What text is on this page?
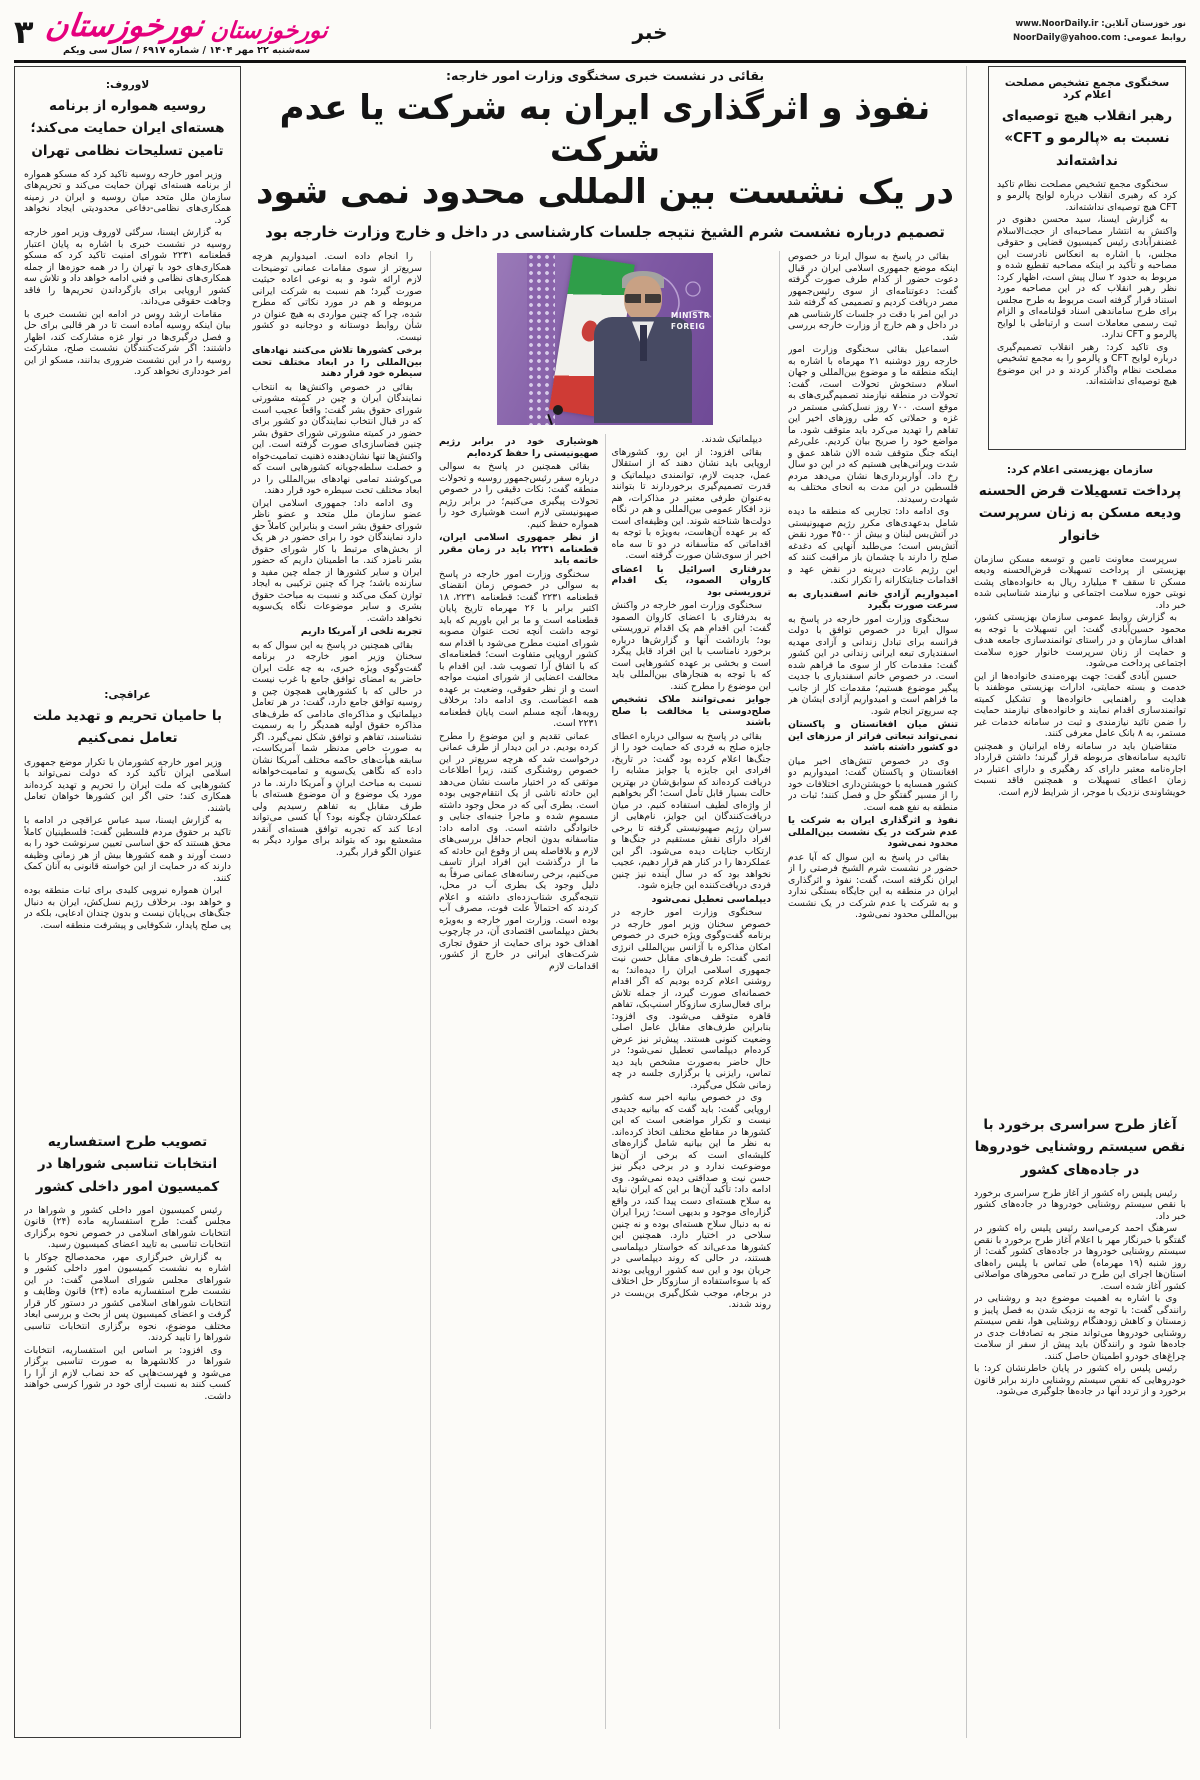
نور خوزستان آنلاین: www.NoorDaily.ir
روابط عمومی: NoorDaily@yahoo.com
خبر
نورخوزستان
نورخوزستان
سه‌شنبه ۲۲ مهر ۱۴۰۴ / شماره ۶۹۱۷ / سال سی ویکم
۳
لاوروف:
روسیه همواره از برنامه هسته‌ای ایران حمایت می‌کند؛ تامین تسلیحات نظامی تهران

وزیر امور خارجه روسیه تاکید کرد که مسکو همواره از برنامه هسته‌ای تهران حمایت می‌کند و تحریم‌های سازمان ملل متحد میان روسیه و ایران در زمینه همکاری‌های نظامی-دفاعی محدودیتی ایجاد نخواهد کرد.

به گزارش ایسنا، سرگئی لاوروف وزیر امور خارجه روسیه در نشست خبری با اشاره به پایان اعتبار قطعنامه ۲۲۳۱ شورای امنیت تاکید کرد که مسکو همکاری‌های خود با تهران را در همه حوزه‌ها از جمله همکاری‌های نظامی و فنی ادامه خواهد داد و تلاش سه کشور اروپایی برای بازگرداندن تحریم‌ها را فاقد وجاهت حقوقی می‌داند.

مقامات ارشد روس در ادامه این نشست خبری با بیان اینکه روسیه آماده است تا در هر قالبی برای حل و فصل درگیری‌ها در نوار غزه مشارکت کند، اظهار داشتند: اگر شرکت‌کنندگان نشست صلح، مشارکت روسیه را در این نشست ضروری بدانند، مسکو از این امر خودداری نخواهد کرد.

عراقچی:
با حامیان تحریم و تهدید ملت تعامل نمی‌کنیم

وزیر امور خارجه کشورمان با تکرار موضع جمهوری اسلامی ایران تأکید کرد که دولت نمی‌تواند با کشورهایی که ملت ایران را تحریم و تهدید کرده‌اند همکاری کند؛ حتی اگر این کشورها خواهان تعامل باشند.

به گزارش ایسنا، سید عباس عراقچی در ادامه با تاکید بر حقوق مردم فلسطین گفت: فلسطینیان کاملاً محق هستند که حق اساسی تعیین سرنوشت خود را به دست آورند و همه کشورها بیش از هر زمانی وظیفه دارند که در حمایت از این خواسته قانونی به آنان کمک کنند.

ایران همواره نیرویی کلیدی برای ثبات منطقه بوده و خواهد بود. برخلاف رژیم نسل‌کش، ایران به دنبال جنگ‌های بی‌پایان نیست و بدون چندان ادعایی، بلکه در پی صلح پایدار، شکوفایی و پیشرفت منطقه است.

تصویب طرح استفساریه انتخابات تناسبی شوراها در کمیسیون امور داخلی کشور

رئیس کمیسیون امور داخلی کشور و شوراها در مجلس گفت: طرح استفساریه ماده (۲۴) قانون انتخابات شوراهای اسلامی در خصوص نحوه برگزاری انتخابات تناسبی به تایید اعضای کمیسیون رسید.

به گزارش خبرگزاری مهر، محمدصالح جوکار با اشاره به نشست کمیسیون امور داخلی کشور و شوراهای مجلس شورای اسلامی گفت: در این نشست طرح استفساریه ماده (۲۴) قانون وظایف و انتخابات شوراهای اسلامی کشور در دستور کار قرار گرفت و اعضای کمیسیون پس از بحث و بررسی ابعاد مختلف موضوع، نحوه برگزاری انتخابات تناسبی شوراها را تایید کردند.

وی افزود: بر اساس این استفساریه، انتخابات شوراها در کلانشهرها به صورت تناسبی برگزار می‌شود و فهرست‌هایی که حد نصاب لازم از آرا را کسب کنند به نسبت آرای خود در شورا کرسی خواهند داشت.

بقائی در نشست خبری سخنگوی وزارت امور خارجه:
نفوذ و اثرگذاری ایران به شرکت یا عدم شرکت
در یک نشست بین المللی محدود نمی شود
تصمیم درباره نشست شرم الشیخ نتیجه جلسات کارشناسی در داخل و خارج وزارت خارجه بود

بقائی در پاسخ به سوال ایرنا در خصوص اینکه موضع جمهوری اسلامی ایران در قبال دعوت حضور از کدام طرف صورت گرفته گفت: دعوتنامه‌ای از سوی رئیس‌جمهور مصر دریافت کردیم و تصمیمی که گرفته شد در این امر با دقت در جلسات کارشناسی هم در داخل و هم خارج از وزارت خارجه بررسی شد.

اسماعیل بقائی سخنگوی وزارت امور خارجه روز دوشنبه ۲۱ مهرماه با اشاره به اینکه منطقه ما و موضوع بین‌المللی و جهان اسلام دستخوش تحولات است، گفت: تحولات در منطقه نیازمند تصمیم‌گیری‌های به موقع است. ۷۰۰ روز نسل‌کشی مستمر در غزه و حملاتی که طی روزهای اخیر این تفاهم را تهدید می‌کرد باید متوقف شود. ما مواضع خود را صریح بیان کردیم. علی‌رغم اینکه جنگ متوقف شده الان شاهد عمق و شدت ویرانی‌هایی هستیم که در این دو سال رخ داد. آواربرداری‌ها نشان می‌دهد مردم فلسطین در این مدت به انحای مختلف به شهادت رسیدند.

وی ادامه داد: تجاربی که منطقه ما دیده شامل بدعهدی‌های مکرر رژیم صهیونیستی در آتش‌بس لبنان و بیش از ۴۵۰۰ مورد نقض آتش‌بس است؛ می‌طلبد آنهایی که دغدغه صلح را دارند با چشمان باز مراقبت کنند که این رژیم عادت دیرینه در نقض عهد و اقدامات جنایتکارانه را تکرار نکند.

امیدواریم آزادی خانم اسفندیاری به سرعت صورت بگیرد

سخنگوی وزارت امور خارجه در پاسخ به سوال ایرنا در خصوص توافق با دولت فرانسه برای تبادل زندانی و آزادی مهدیه اسفندیاری تبعه ایرانی زندانی در این کشور گفت: مقدمات کار از سوی ما فراهم شده است. در خصوص خانم اسفندیاری با جدیت پیگیر موضوع هستیم؛ مقدمات کار از جانب ما فراهم است و امیدواریم آزادی ایشان هر چه سریع‌تر انجام شود.

تنش میان افغانستان و پاکستان نمی‌تواند تبعاتی فراتر از مرزهای این دو کشور داشته باشد

وی در خصوص تنش‌های اخیر میان افغانستان و پاکستان گفت: امیدواریم دو کشور همسایه با خویشتن‌داری اختلافات خود را از مسیر گفتگو حل و فصل کنند؛ ثبات در منطقه به نفع همه است.

نفوذ و اثرگذاری ایران به شرکت یا عدم شرکت در یک نشست بین‌المللی محدود نمی‌شود

بقائی در پاسخ به این سوال که آیا عدم حضور در نشست شرم الشیخ فرصتی را از ایران نگرفته است، گفت: نفوذ و اثرگذاری ایران در منطقه به این جایگاه بستگی ندارد و به شرکت یا عدم شرکت در یک نشست بین‌المللی محدود نمی‌شود.

MINISTR
FOREIG

دیپلماتیک شدند.

بقائی افزود: از این رو، کشورهای اروپایی باید نشان دهند که از استقلال عمل، جدیت لازم، توانمندی دیپلماتیک و قدرت تصمیم‌گیری برخوردارند تا بتوانند به‌عنوان طرفی معتبر در مذاکرات، هم نزد افکار عمومی بین‌المللی و هم در نگاه دولت‌ها شناخته شوند. این وظیفه‌ای است که بر عهده آن‌هاست، به‌ویژه با توجه به اقداماتی که متأسفانه در دو تا سه ماه اخیر از سوی‌شان صورت گرفته است.

بدرفتاری اسرائیل با اعضای کاروان الصمود، یک اقدام تروریستی بود

سخنگوی وزارت امور خارجه در واکنش به بدرفتاری با اعضای کاروان الصمود گفت: این اقدام هم یک اقدام تروریستی بود؛ بازداشت آنها و گزارش‌ها درباره برخورد نامناسب با این افراد قابل پیگرد است و بخشی بر عهده کشورهایی است که با توجه به هنجارهای بین‌المللی باید این موضوع را مطرح کنند.

جوایز نمی‌توانند ملاک تشخیص صلح‌دوستی یا مخالفت با صلح باشند

بقائی در پاسخ به سوالی درباره اعطای جایزه صلح به فردی که حمایت خود را از جنگ‌ها اعلام کرده بود گفت: در تاریخ، افرادی این جایزه یا جوایز مشابه را دریافت کرده‌اند که سوابق‌شان در بهترین حالت بسیار قابل تأمل است؛ اگر بخواهیم از واژه‌ای لطیف استفاده کنیم. در میان دریافت‌کنندگان این جوایز، نام‌هایی از سران رژیم صهیونیستی گرفته تا برخی افراد دارای نقش مستقیم در جنگ‌ها و ارتکاب جنایات دیده می‌شود. اگر این عملکردها را در کنار هم قرار دهیم، عجیب نخواهد بود که در سال آینده نیز چنین فردی دریافت‌کننده این جایزه شود.

دیپلماسی تعطیل نمی‌شود

سخنگوی وزارت امور خارجه در خصوص سخنان وزیر امور خارجه در برنامه گفت‌وگوی ویژه خبری در خصوص امکان مذاکره با آژانس بین‌المللی انرژی اتمی گفت: طرف‌های مقابل حسن نیت جمهوری اسلامی ایران را دیده‌اند؛ به روشنی اعلام کرده بودیم که اگر اقدام خصمانه‌ای صورت گیرد، از جمله تلاش برای فعال‌سازی سازوکار اسنپ‌بک، تفاهم قاهره متوقف می‌شود. وی افزود: بنابراین طرف‌های مقابل عامل اصلی وضعیت کنونی هستند. پیش‌تر نیز عرض کرده‌ام دیپلماسی تعطیل نمی‌شود؛ در حال حاضر به‌صورت مشخص باید دید تماس، رایزنی یا برگزاری جلسه در چه زمانی شکل می‌گیرد.

وی در خصوص بیانیه اخیر سه کشور اروپایی گفت: باید گفت که بیانیه جدیدی نیست و تکرار مواضعی است که این کشورها در مقاطع مختلف اتخاذ کرده‌اند. به نظر ما این بیانیه شامل گزاره‌های کلیشه‌ای است که برخی از آن‌ها موضوعیت ندارد و در برخی دیگر نیز حسن نیت و صداقتی دیده نمی‌شود. وی ادامه داد: تأکید آن‌ها بر این که ایران نباید به سلاح هسته‌ای دست پیدا کند، در واقع گزاره‌ای موجود و بدیهی است؛ زیرا ایران نه به دنبال سلاح هسته‌ای بوده و نه چنین سلاحی در اختیار دارد. همچنین این کشورها مدعی‌اند که خواستار دیپلماسی هستند، در حالی که روند دیپلماسی در جریان بود و این سه کشور اروپایی بودند که با سوءاستفاده از سازوکار حل اختلاف در برجام، موجب شکل‌گیری بن‌بست در روند شدند.

هوشیاری خود در برابر رژیم صهیونیستی را حفظ کرده‌ایم

بقائی همچنین در پاسخ به سوالی درباره سفر رئیس‌جمهور روسیه و تحولات منطقه گفت: نکات دقیقی را در خصوص تحولات پیگیری می‌کنیم؛ در برابر رژیم صهیونیستی لازم است هوشیاری خود را همواره حفظ کنیم.

از نظر جمهوری اسلامی ایران، قطعنامه ۲۲۳۱ باید در زمان مقرر خاتمه یابد

سخنگوی وزارت امور خارجه در پاسخ به سوالی در خصوص زمان انقضای قطعنامه ۲۲۳۱ گفت: قطعنامه ۲۲۳۱، ۱۸ اکتبر برابر با ۲۶ مهرماه تاریخ پایان قطعنامه است و ما بر این باوریم که باید توجه داشت آنچه تحت عنوان مصوبه شورای امنیت مطرح می‌شود با اقدام سه کشور اروپایی متفاوت است؛ قطعنامه‌ای که با اتفاق آرا تصویب شد. این اقدام با مخالفت اعضایی از شورای امنیت مواجه است و از نظر حقوقی، وضعیت بر عهده همه اعضاست. وی ادامه داد: برخلاف رویه‌ها، آنچه مسلم است پایان قطعنامه ۲۲۳۱ است.

عمانی تقدیم و این موضوع را مطرح کرده بودیم. در این دیدار از طرف عمانی درخواست شد که هرچه سریع‌تر در این خصوص روشنگری کنند، زیرا اطلاعات موثقی که در اختیار ماست نشان می‌دهد این حادثه ناشی از یک انتقام‌جویی بوده است. بطری آبی که در محل وجود داشته مسموم شده و ماجرا جنبه‌ای جنایی و خانوادگی داشته است. وی ادامه داد: متاسفانه بدون انجام حداقل بررسی‌های لازم و بلافاصله پس از وقوع این حادثه که ما از درگذشت این افراد ابراز تاسف می‌کنیم، برخی رسانه‌های عمانی صرفاً به دلیل وجود یک بطری آب در محل، نتیجه‌گیری شتاب‌زده‌ای داشته و اعلام کردند که احتمالاً علت فوت، مصرف آب بوده است. وزارت امور خارجه و به‌ویژه بخش دیپلماسی اقتصادی آن، در چارچوب اهداف خود برای حمایت از حقوق تجاری شرکت‌های ایرانی در خارج از کشور، اقدامات لازم

را انجام داده است. امیدواریم هرچه سریع‌تر از سوی مقامات عمانی توضیحات لازم ارائه شود و به نوعی اعاده حیثیت صورت گیرد؛ هم نسبت به شرکت ایرانی مربوطه و هم در مورد نکاتی که مطرح شده، چرا که چنین مواردی به هیچ عنوان در شأن روابط دوستانه و دوجانبه دو کشور نیست.

برخی کشورها تلاش می‌کنند نهادهای بین‌المللی را در ابعاد مختلف تحت سیطره خود قرار دهند

بقائی در خصوص واکنش‌ها به انتخاب نمایندگان ایران و چین در کمیته مشورتی شورای حقوق بشر گفت: واقعاً عجیب است که در قبال انتخاب نمایندگان دو کشور برای حضور در کمیته مشورتی شورای حقوق بشر چنین فضاسازی‌ای صورت گرفته است. این واکنش‌ها تنها نشان‌دهنده ذهنیت تمامیت‌خواه و خصلت سلطه‌جویانه کشورهایی است که می‌کوشند تمامی نهادهای بین‌المللی را در ابعاد مختلف تحت سیطره خود قرار دهند.

وی ادامه داد: جمهوری اسلامی ایران عضو سازمان ملل متحد و عضو ناظر شورای حقوق بشر است و بنابراین کاملاً حق دارد نمایندگان خود را برای حضور در هر یک از بخش‌های مرتبط با کار شورای حقوق بشر نامزد کند. ما اطمینان داریم که حضور ایران و سایر کشورها از جمله چین مفید و سازنده باشد؛ چرا که چنین ترکیبی به ایجاد توازن کمک می‌کند و نسبت به مباحث حقوق بشری و سایر موضوعات نگاه یک‌سویه نخواهد داشت.

تجربه تلخی از آمریکا داریم

بقائی همچنین در پاسخ به این سوال که به سخنان وزیر امور خارجه در برنامه گفت‌وگوی ویژه خبری، به چه علت ایران حاضر به امضای توافق جامع با غرب نیست در حالی که با کشورهایی همچون چین و روسیه توافق جامع دارد، گفت: در هر تعامل دیپلماتیک و مذاکره‌ای مادامی که طرف‌های مذاکره حقوق اولیه همدیگر را به رسمیت نشناسند، تفاهم و توافق شکل نمی‌گیرد. اگر به صورت خاص مدنظر شما آمریکاست، سابقه هیأت‌های حاکمه مختلف آمریکا نشان داده که نگاهی یک‌سویه و تمامیت‌خواهانه نسبت به مباحث ایران و آمریکا دارند. ما در مورد یک موضوع و آن موضوع هسته‌ای با طرف مقابل به تفاهم رسیدیم ولی عملکردشان چگونه بود؟ آیا کسی می‌تواند ادعا کند که تجربه توافق هسته‌ای آنقدر مشعشع بود که بتواند برای موارد دیگر به عنوان الگو قرار بگیرد.

سخنگوی مجمع تشخیص مصلحت اعلام کرد
رهبر انقلاب هیچ توصیه‌ای نسبت به «پالرمو و CFT» نداشته‌اند

سخنگوی مجمع تشخیص مصلحت نظام تاکید کرد که رهبری انقلاب درباره لوایح پالرمو و CFT هیچ توصیه‌ای نداشته‌اند.

به گزارش ایسنا، سید محسن دهنوی در واکنش به انتشار مصاحبه‌ای از حجت‌الاسلام غضنفرآبادی رئیس کمیسیون قضایی و حقوقی مجلس، با اشاره به انعکاس نادرست این مصاحبه و تأکید بر اینکه مصاحبه تقطیع شده و مربوط به حدود ۲ سال پیش است، اظهار کرد: نظر رهبر انقلاب که در این مصاحبه مورد استناد قرار گرفته است مربوط به طرح مجلس برای طرح ساماندهی اسناد قولنامه‌ای و الزام ثبت رسمی معاملات است و ارتباطی با لوایح پالرمو و CFT ندارد.

وی تاکید کرد: رهبر انقلاب تصمیم‌گیری درباره لوایح CFT و پالرمو را به مجمع تشخیص مصلحت نظام واگذار کردند و در این موضوع هیچ توصیه‌ای نداشته‌اند.

سازمان بهزیستی اعلام کرد:
پرداخت تسهیلات قرض الحسنه ودیعه مسکن به زنان سرپرست خانوار

سرپرست معاونت تامین و توسعه مسکن سازمان بهزیستی از پرداخت تسهیلات قرض‌الحسنه ودیعه مسکن تا سقف ۴ میلیارد ریال به خانواده‌های پشت نوبتی حوزه سلامت اجتماعی و نیازمند شناسایی شده خبر داد.

به گزارش روابط عمومی سازمان بهزیستی کشور، محمود حسین‌آبادی گفت: این تسهیلات با توجه به اهداف سازمان و در راستای توانمندسازی جامعه هدف و حمایت از زنان سرپرست خانوار حوزه سلامت اجتماعی پرداخت می‌شود.

حسین آبادی گفت: جهت بهره‌مندی خانواده‌ها از این خدمت و بسته حمایتی، ادارات بهزیستی موظفند با هدایت و راهنمایی خانواده‌ها و تشکیل کمیته توانمندسازی اقدام نمایند و خانواده‌های نیازمند حمایت را ضمن تائید نیازمندی و ثبت در سامانه خدمات غیر مستمر، به ۸ بانک عامل معرفی کنند.

متقاضیان باید در سامانه رفاه ایرانیان و همچنین تائیدیه سامانه‌های مربوطه قرار گیرند؛ داشتن قرارداد اجاره‌نامه معتبر دارای کد رهگیری و دارای اعتبار در زمان اعطای تسهیلات و همچنین فاقد نسبت خویشاوندی نزدیک با موجر، از شرایط لازم است.

آغاز طرح سراسری برخورد با نقص سیستم روشنایی خودروها در جاده‌های کشور

رئیس پلیس راه کشور از آغاز طرح سراسری برخورد با نقص سیستم روشنایی خودروها در جاده‌های کشور خبر داد.

سرهنگ احمد کرمی‌اسد رئیس پلیس راه کشور در گفتگو با خبرنگار مهر با اعلام آغاز طرح برخورد با نقص سیستم روشنایی خودروها در جاده‌های کشور گفت: از روز شنبه (۱۹ مهرماه) طی تماس با پلیس راه‌های استان‌ها اجرای این طرح در تمامی محورهای مواصلاتی کشور آغاز شده است.

وی با اشاره به اهمیت موضوع دید و روشنایی در رانندگی گفت: با توجه به نزدیک شدن به فصل پاییز و زمستان و کاهش زودهنگام روشنایی هوا، نقص سیستم روشنایی خودروها می‌تواند منجر به تصادفات جدی در جاده‌ها شود و رانندگان باید پیش از سفر از سلامت چراغ‌های خودرو اطمینان حاصل کنند.

رئیس پلیس راه کشور در پایان خاطرنشان کرد: با خودروهایی که نقص سیستم روشنایی دارند برابر قانون برخورد و از تردد آنها در جاده‌ها جلوگیری می‌شود.
